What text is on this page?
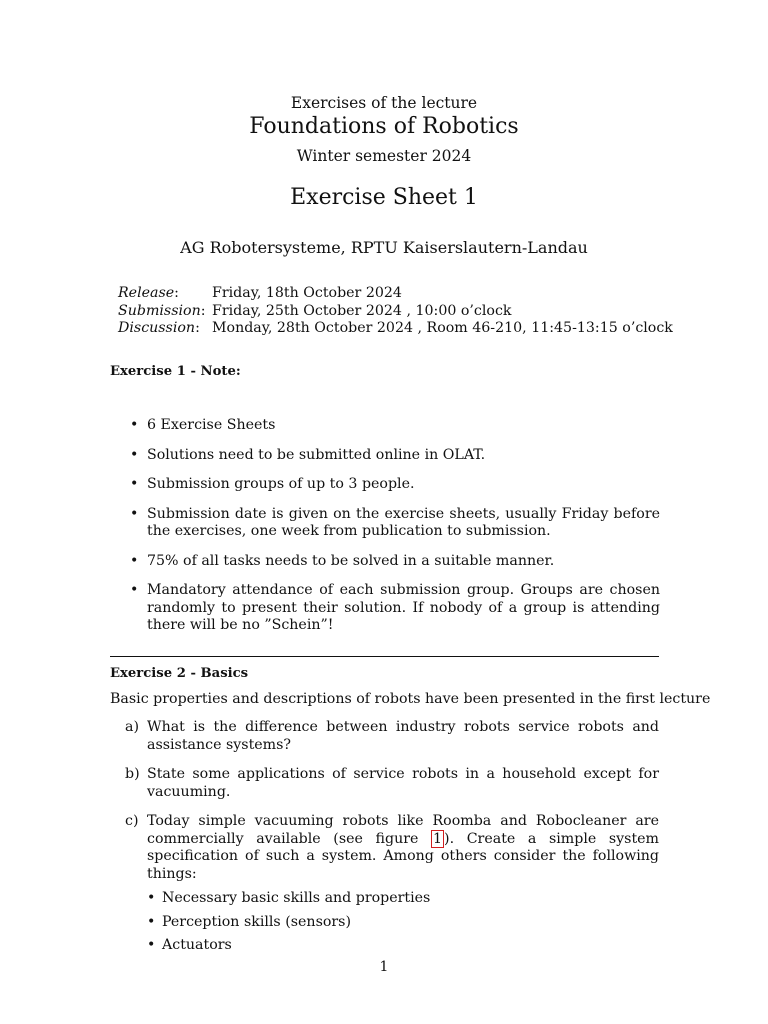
Exercises of the lecture
Foundations of Robotics
Winter semester 2024
Exercise Sheet 1
AG Robotersysteme, RPTU Kaiserslautern-Landau
Release:	Friday, 18th October 2024
Submission: Friday, 25th October 2024 , 10:00 o’clock
Discussion: Monday, 28th October 2024 , Room 46-210, 11:45-13:15 o’clock
Exercise 1 - Note:
• 6 Exercise Sheets
• Solutions need to be submitted online in OLAT.
• Submission groups of up to 3 people.
• Submission date is given on the exercise sheets, usually Friday before the exercises, one week from publication to submission.
• 75% of all tasks needs to be solved in a suitable manner.
• Mandatory attendance of each submission group. Groups are chosen randomly to present their solution. If nobody of a group is attending there will be no ”Schein”!
Exercise 2 - Basics
Basic properties and descriptions of robots have been presented in the first lecture
a) What is the difference between industry robots service robots and assistance systems?
b) State some applications of service robots in a household except for vacuuming.
c) Today simple vacuuming robots like Roomba and Robocleaner are commercially available (see figure 1 ). Create a simple system specification of such a system. Among others consider the following things:
• Necessary basic skills and properties
• Perception skills (sensors)
• Actuators
1
